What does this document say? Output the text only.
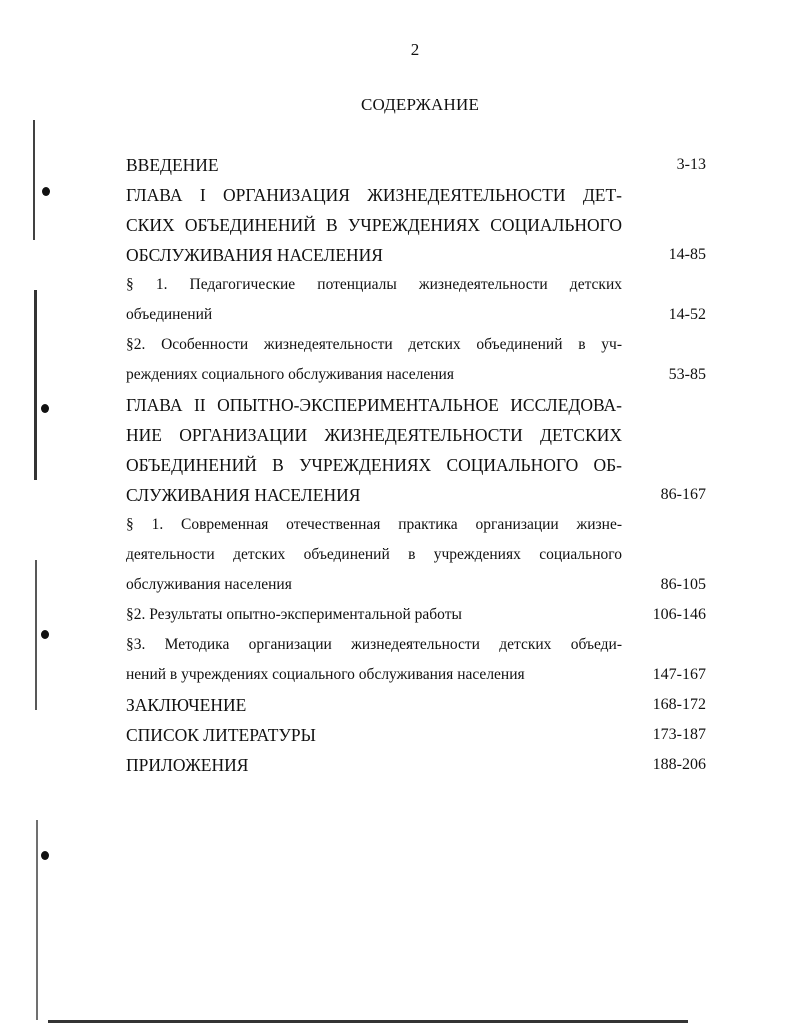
2
СОДЕРЖАНИЕ
ВВЕДЕНИЕ	3-13
ГЛАВА I ОРГАНИЗАЦИЯ ЖИЗНЕДЕЯТЕЛЬНОСТИ ДЕТ-
СКИХ ОБЪЕДИНЕНИЙ В УЧРЕЖДЕНИЯХ СОЦИАЛЬНОГО
ОБСЛУЖИВАНИЯ НАСЕЛЕНИЯ	14-85
§ 1. Педагогические потенциалы жизнедеятельности детских
объединений	14-52
§2. Особенности жизнедеятельности детских объединений в уч-
реждениях социального обслуживания населения	53-85
ГЛАВА II ОПЫТНО-ЭКСПЕРИМЕНТАЛЬНОЕ ИССЛЕДОВА-
НИЕ ОРГАНИЗАЦИИ ЖИЗНЕДЕЯТЕЛЬНОСТИ ДЕТСКИХ
ОБЪЕДИНЕНИЙ В УЧРЕЖДЕНИЯХ СОЦИАЛЬНОГО ОБ-
СЛУЖИВАНИЯ НАСЕЛЕНИЯ	86-167
§ 1. Современная отечественная практика организации жизне-
деятельности детских объединений в учреждениях социального
обслуживания населения	86-105
§2. Результаты опытно-экспериментальной работы	106-146
§3. Методика организации жизнедеятельности детских объеди-
нений в учреждениях социального обслуживания населения	147-167
ЗАКЛЮЧЕНИЕ	168-172
СПИСОК ЛИТЕРАТУРЫ	173-187
ПРИЛОЖЕНИЯ	188-206
